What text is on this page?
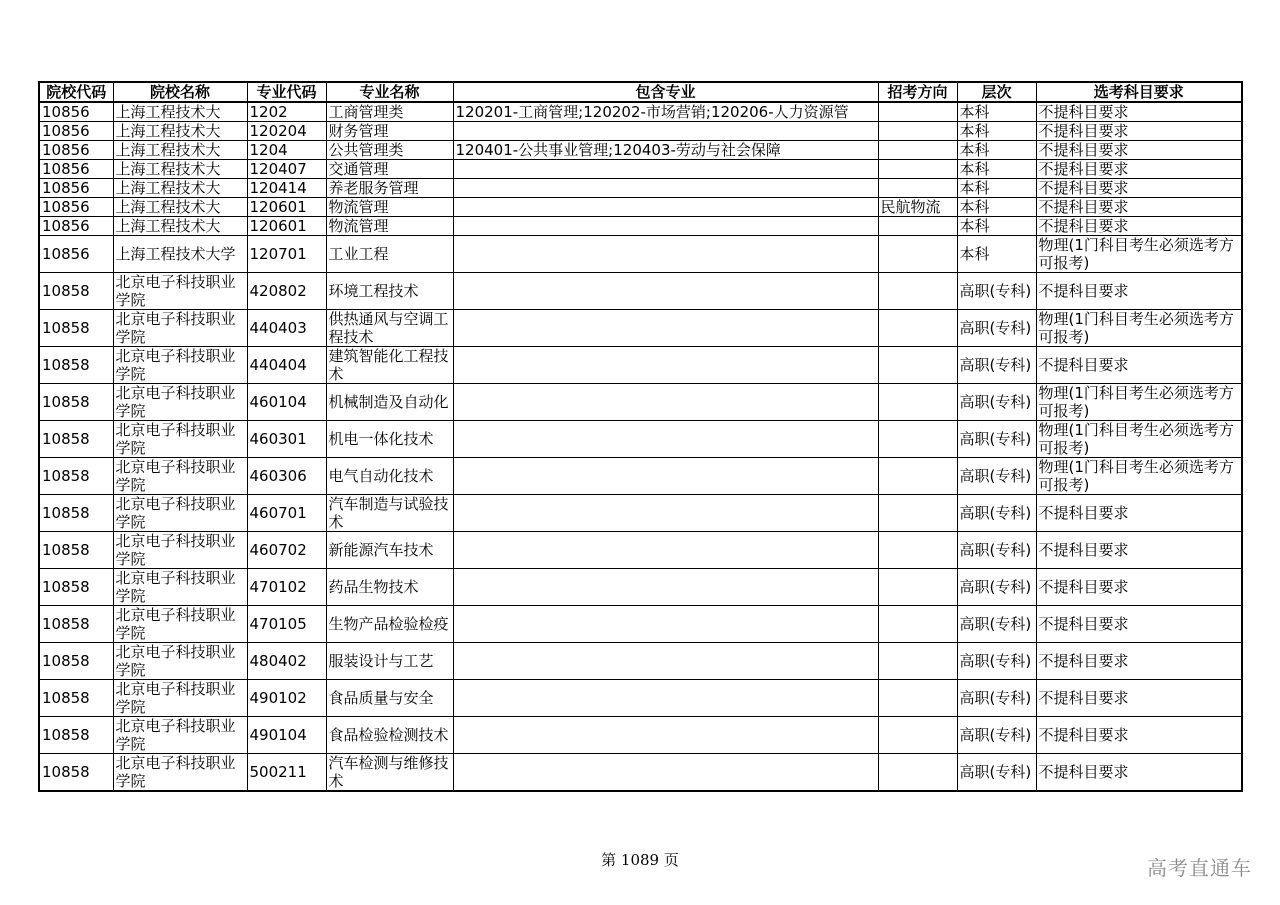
院校代码	院校名称	专业代码	专业名称	包含专业	招考方向	层次	选考科目要求
10856	上海工程技术大	1202	工商管理类	120201-工商管理;120202-市场营销;120206-人力资源管		本科	不提科目要求
10856	上海工程技术大	120204	财务管理			本科	不提科目要求
10856	上海工程技术大	1204	公共管理类	120401-公共事业管理;120403-劳动与社会保障		本科	不提科目要求
10856	上海工程技术大	120407	交通管理			本科	不提科目要求
10856	上海工程技术大	120414	养老服务管理			本科	不提科目要求
10856	上海工程技术大	120601	物流管理		民航物流	本科	不提科目要求
10856	上海工程技术大	120601	物流管理			本科	不提科目要求
10856	上海工程技术大学	120701	工业工程			本科	物理(1门科目考生必须选考方可报考)
10858	北京电子科技职业学院	420802	环境工程技术			高职(专科)	不提科目要求
10858	北京电子科技职业学院	440403	供热通风与空调工程技术			高职(专科)	物理(1门科目考生必须选考方可报考)
10858	北京电子科技职业学院	440404	建筑智能化工程技术			高职(专科)	不提科目要求
10858	北京电子科技职业学院	460104	机械制造及自动化			高职(专科)	物理(1门科目考生必须选考方可报考)
10858	北京电子科技职业学院	460301	机电一体化技术			高职(专科)	物理(1门科目考生必须选考方可报考)
10858	北京电子科技职业学院	460306	电气自动化技术			高职(专科)	物理(1门科目考生必须选考方可报考)
10858	北京电子科技职业学院	460701	汽车制造与试验技术			高职(专科)	不提科目要求
10858	北京电子科技职业学院	460702	新能源汽车技术			高职(专科)	不提科目要求
10858	北京电子科技职业学院	470102	药品生物技术			高职(专科)	不提科目要求
10858	北京电子科技职业学院	470105	生物产品检验检疫			高职(专科)	不提科目要求
10858	北京电子科技职业学院	480402	服装设计与工艺			高职(专科)	不提科目要求
10858	北京电子科技职业学院	490102	食品质量与安全			高职(专科)	不提科目要求
10858	北京电子科技职业学院	490104	食品检验检测技术			高职(专科)	不提科目要求
10858	北京电子科技职业学院	500211	汽车检测与维修技术			高职(专科)	不提科目要求
第 1089 页	高考直通车
